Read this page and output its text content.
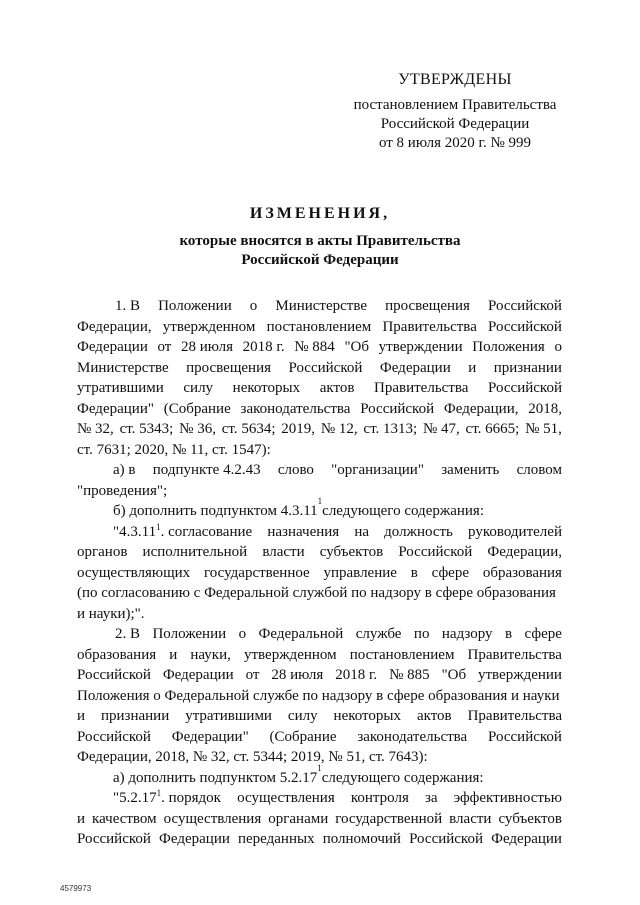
УТВЕРЖДЕНЫ
постановлением Правительства
Российской Федерации
от 8 июля 2020 г. № 999
ИЗМЕНЕНИЯ,
которые вносятся в акты Правительства
Российской Федерации
1. В Положении о Министерстве просвещения Российской
Федерации, утвержденном постановлением Правительства Российской
Федерации от 28 июля 2018 г. № 884 "Об утверждении Положения о
Министерстве просвещения Российской Федерации и признании
утратившими силу некоторых актов Правительства Российской
Федерации" (Собрание законодательства Российской Федерации, 2018,
№ 32, ст. 5343; № 36, ст. 5634; 2019, № 12, ст. 1313; № 47, ст. 6665; № 51,
ст. 7631; 2020, № 11, ст. 1547):
а) в подпункте 4.2.43 слово "организации" заменить словом
"проведения";
б) дополнить подпунктом 4.3.11
1
следующего содержания:
"4.3.11$^1$. согласование назначения на должность руководителей
органов исполнительной власти субъектов Российской Федерации,
осуществляющих государственное управление в сфере образования
(по согласованию с Федеральной службой по надзору в сфере образования
и науки);".
2. В Положении о Федеральной службе по надзору в сфере
образования и науки, утвержденном постановлением Правительства
Российской Федерации от 28 июля 2018 г. № 885 "Об утверждении
Положения о Федеральной службе по надзору в сфере образования и науки
и признании утратившими силу некоторых актов Правительства
Российской Федерации" (Собрание законодательства Российской
Федерации, 2018, № 32, ст. 5344; 2019, № 51, ст. 7643):
а) дополнить подпунктом 5.2.17
1
следующего содержания:
"5.2.17$^1$. порядок осуществления контроля за эффективностью
и качеством осуществления органами государственной власти субъектов
Российской Федерации переданных полномочий Российской Федерации
4579973
